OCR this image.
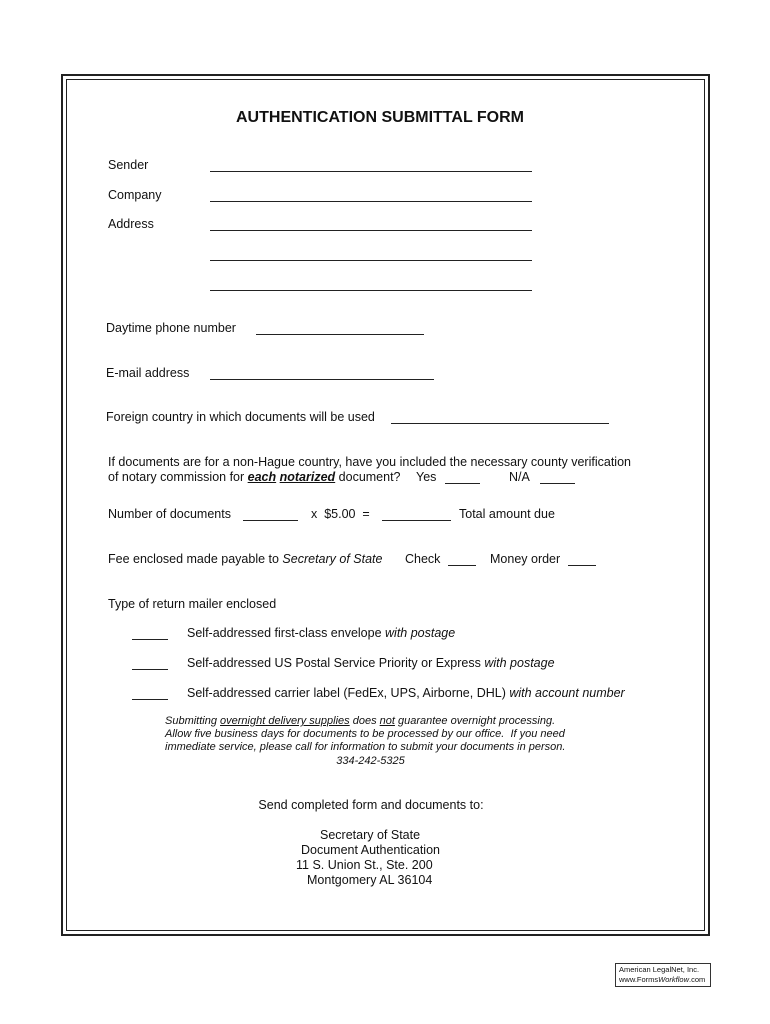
AUTHENTICATION SUBMITTAL FORM
Sender
Company
Address
Daytime phone number
E-mail address
Foreign country in which documents will be used
If documents are for a non-Hague country, have you included the necessary county verification
of notary commission for each notarized document? Yes	N/A
Number of documents	x  $5.00  =	Total amount due
Fee enclosed made payable to Secretary of State Check	Money order
Type of return mailer enclosed
Self-addressed first-class envelope with postage
Self-addressed US Postal Service Priority or Express with postage
Self-addressed carrier label (FedEx, UPS, Airborne, DHL) with account number
Submitting overnight delivery supplies does not guarantee overnight processing.
Allow five business days for documents to be processed by our office.  If you need
immediate service, please call for information to submit your documents in person.
334-242-5325
Send completed form and documents to:
Secretary of State
Document Authentication
11 S. Union St., Ste. 200
Montgomery AL 36104
American LegalNet, Inc.
www.FormsWorkflow.com
